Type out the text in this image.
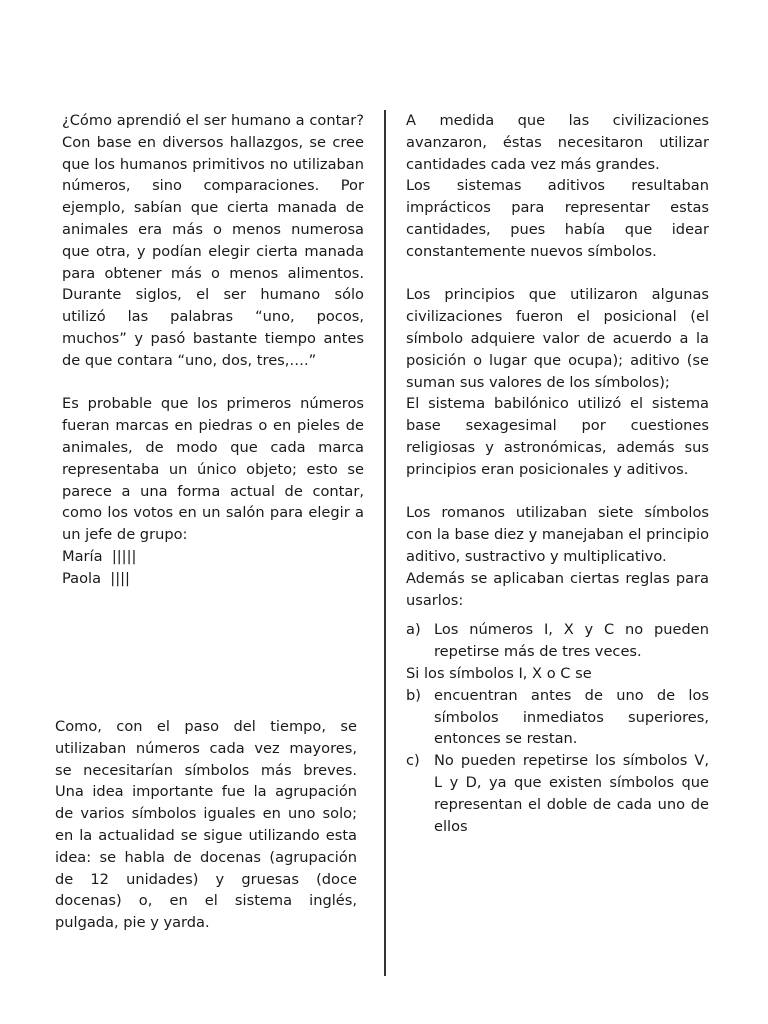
¿Cómo aprendió el ser humano a contar? Con base en diversos hallazgos, se cree que los humanos primitivos no utilizaban números, sino comparaciones. Por ejemplo, sabían que cierta manada de animales era más o menos numerosa que otra, y podían elegir cierta manada para obtener más o menos alimentos. Durante siglos, el ser humano sólo utilizó las palabras “uno, pocos, muchos” y pasó bastante tiempo antes de que contara “uno, dos, tres,….”

Es probable que los primeros números fueran marcas en piedras o en pieles de animales, de modo que cada marca representaba un único objeto; esto se parece a una forma actual de contar, como los votos en un salón para elegir a un jefe de grupo:

María |||||

Paola ||||

Como, con el paso del tiempo, se utilizaban números cada vez mayores, se necesitarían símbolos más breves. Una idea importante fue la agrupación de varios símbolos iguales en uno solo; en la actualidad se sigue utilizando esta idea: se habla de docenas (agrupación de 12 unidades) y gruesas (doce docenas) o, en el sistema inglés, pulgada, pie y yarda.

A medida que las civilizaciones avanzaron, éstas necesitaron utilizar cantidades cada vez más grandes.

Los sistemas aditivos resultaban imprácticos para representar estas cantidades, pues había que idear constantemente nuevos símbolos.

Los principios que utilizaron algunas civilizaciones fueron el posicional (el símbolo adquiere valor de acuerdo a la posición o lugar que ocupa); aditivo (se suman sus valores de los símbolos);

El sistema babilónico utilizó el sistema base sexagesimal por cuestiones religiosas y astronómicas, además sus principios eran posicionales y aditivos.

Los romanos utilizaban siete símbolos con la base diez y manejaban el principio aditivo, sustractivo y multiplicativo.

Además se aplicaban ciertas reglas para usarlos:

a) Los números I, X y C no pueden repetirse más de tres veces.
Si los símbolos I, X o C se
b) encuentran antes de uno de los símbolos inmediatos superiores, entonces se restan.
c) No pueden repetirse los símbolos V, L y D, ya que existen símbolos que representan el doble de cada uno de ellos
